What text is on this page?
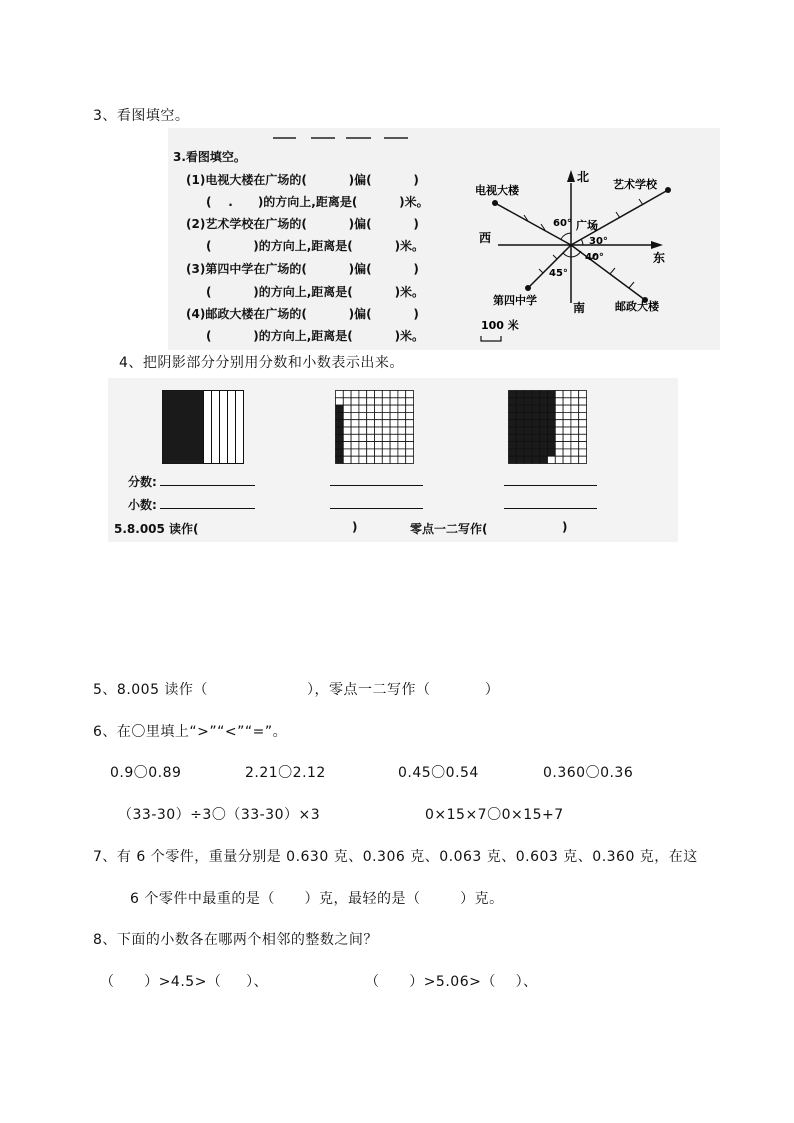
3、看图填空。
3.看图填空。
(1)电视大楼在广场的(          )偏(          )
(    .      )的方向上,距离是(          )米。
(2)艺术学校在广场的(          )偏(          )
(          )的方向上,距离是(          )米。
(3)第四中学在广场的(          )偏(          )
(          )的方向上,距离是(          )米。
(4)邮政大楼在广场的(          )偏(          )
(          )的方向上,距离是(          )米。
北
南
东
西
广场
电视大楼	艺术学校
第四中学	邮政大楼
60°
30°
40°
45°
100 米
4、把阴影部分分别用分数和小数表示出来。
分数:
小数:
5.8.005 读作(	)	零点一二写作(	)
5、8.005 读作（                    ），零点一二写作（           ）
6、在〇里填上“>”“<”“=”。
0.9〇0.89	2.21〇2.12	0.45〇0.54	0.360〇0.36
（33-30）÷3〇（33-30）×3	0×15×7〇0×15+7
7、有 6 个零件，重量分别是 0.630 克、0.306 克、0.063 克、0.603 克、0.360 克，在这
6 个零件中最重的是（      ）克，最轻的是（        ）克。
8、下面的小数各在哪两个相邻的整数之间？
（      ）>4.5>（     ）、	（      ）>5.06>（    ）、
